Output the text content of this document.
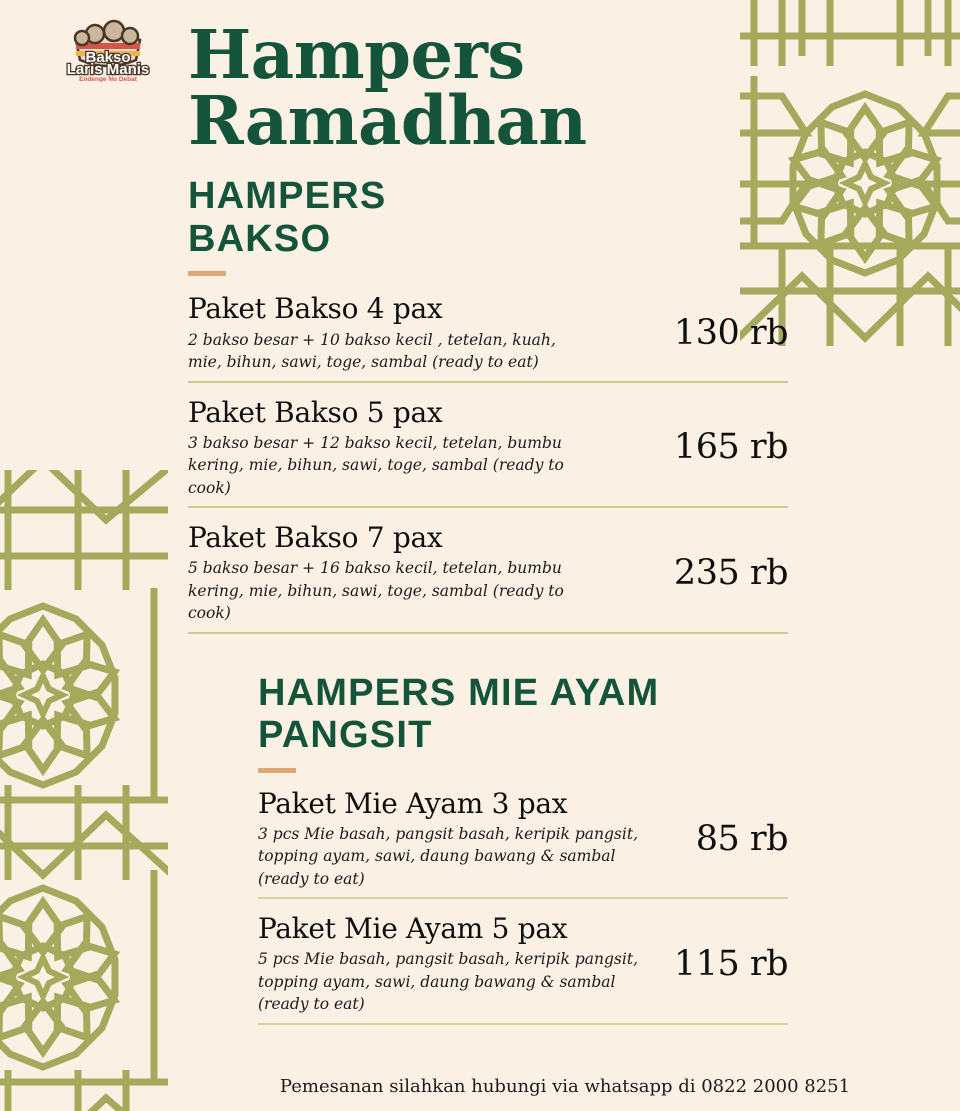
Bakso
Laris Manis
Endenge No Debat Hampers
Ramadhan
HAMPERS
BAKSO
Paket Bakso 4 pax
2 bakso besar + 10 bakso kecil , tetelan, kuah, mie, bihun, sawi, toge, sambal (ready to eat)
130 rb
Paket Bakso 5 pax
3 bakso besar + 12 bakso kecil, tetelan, bumbu kering, mie, bihun, sawi, toge, sambal (ready to cook)
165 rb
Paket Bakso 7 pax
5 bakso besar + 16 bakso kecil, tetelan, bumbu kering, mie, bihun, sawi, toge, sambal (ready to cook)
235 rb
HAMPERS MIE AYAM
PANGSIT
Paket Mie Ayam 3 pax
3 pcs Mie basah, pangsit basah, keripik pangsit, topping ayam, sawi, daung bawang & sambal (ready to eat)
85 rb
Paket Mie Ayam 5 pax
5 pcs Mie basah, pangsit basah, keripik pangsit, topping ayam, sawi, daung bawang & sambal (ready to eat)
115 rb
Pemesanan silahkan hubungi via whatsapp di 0822 2000 8251
